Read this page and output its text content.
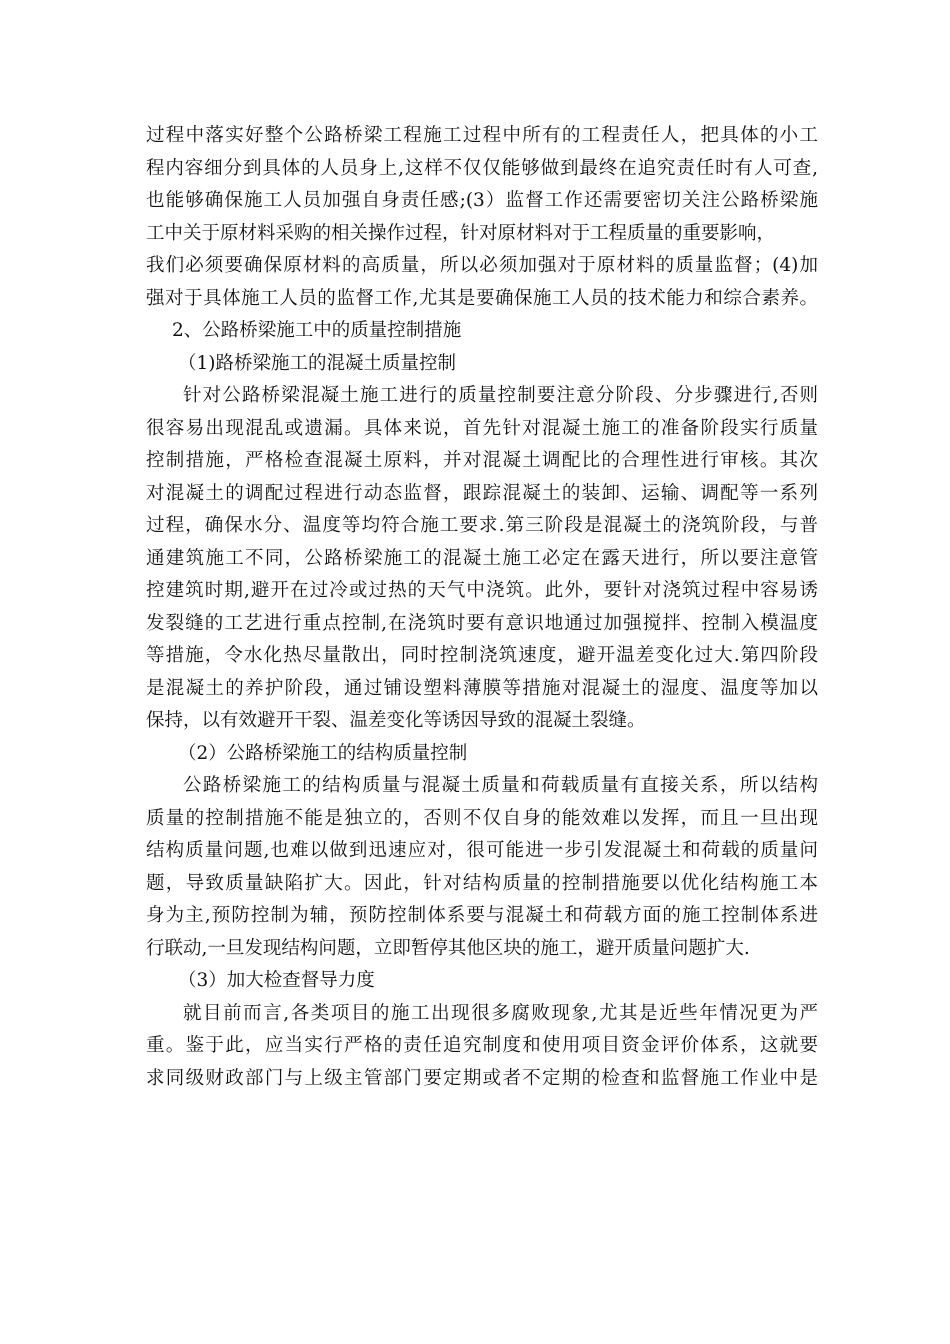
过程中落实好整个公路桥梁工程施工过程中所有的工程责任人，把具体的小工
程内容细分到具体的人员身上,这样不仅仅能够做到最终在追究责任时有人可查,
也能够确保施工人员加强自身责任感;(3）监督工作还需要密切关注公路桥梁施
工中关于原材料采购的相关操作过程，针对原材料对于工程质量的重要影响，
我们必须要确保原材料的高质量，所以必须加强对于原材料的质量监督；(4)加
强对于具体施工人员的监督工作,尤其是要确保施工人员的技术能力和综合素养。
2、公路桥梁施工中的质量控制措施
（1)路桥梁施工的混凝土质量控制
针对公路桥梁混凝土施工进行的质量控制要注意分阶段、分步骤进行,否则
很容易出现混乱或遗漏。具体来说，首先针对混凝土施工的准备阶段实行质量
控制措施，严格检查混凝土原料，并对混凝土调配比的合理性进行审核。其次
对混凝土的调配过程进行动态监督，跟踪混凝土的装卸、运输、调配等一系列
过程，确保水分、温度等均符合施工要求.第三阶段是混凝土的浇筑阶段，与普
通建筑施工不同，公路桥梁施工的混凝土施工必定在露天进行，所以要注意管
控建筑时期,避开在过冷或过热的天气中浇筑。此外，要针对浇筑过程中容易诱
发裂缝的工艺进行重点控制,在浇筑时要有意识地通过加强搅拌、控制入模温度
等措施，令水化热尽量散出，同时控制浇筑速度，避开温差变化过大.第四阶段
是混凝土的养护阶段，通过铺设塑料薄膜等措施对混凝土的湿度、温度等加以
保持，以有效避开干裂、温差变化等诱因导致的混凝土裂缝。
（2）公路桥梁施工的结构质量控制
公路桥梁施工的结构质量与混凝土质量和荷载质量有直接关系，所以结构
质量的控制措施不能是独立的，否则不仅自身的能效难以发挥，而且一旦出现
结构质量问题,也难以做到迅速应对，很可能进一步引发混凝土和荷载的质量问
题，导致质量缺陷扩大。因此，针对结构质量的控制措施要以优化结构施工本
身为主,预防控制为辅，预防控制体系要与混凝土和荷载方面的施工控制体系进
行联动,一旦发现结构问题，立即暂停其他区块的施工，避开质量问题扩大.
（3）加大检查督导力度
就目前而言,各类项目的施工出现很多腐败现象,尤其是近些年情况更为严
重。鉴于此，应当实行严格的责任追究制度和使用项目资金评价体系，这就要
求同级财政部门与上级主管部门要定期或者不定期的检查和监督施工作业中是
